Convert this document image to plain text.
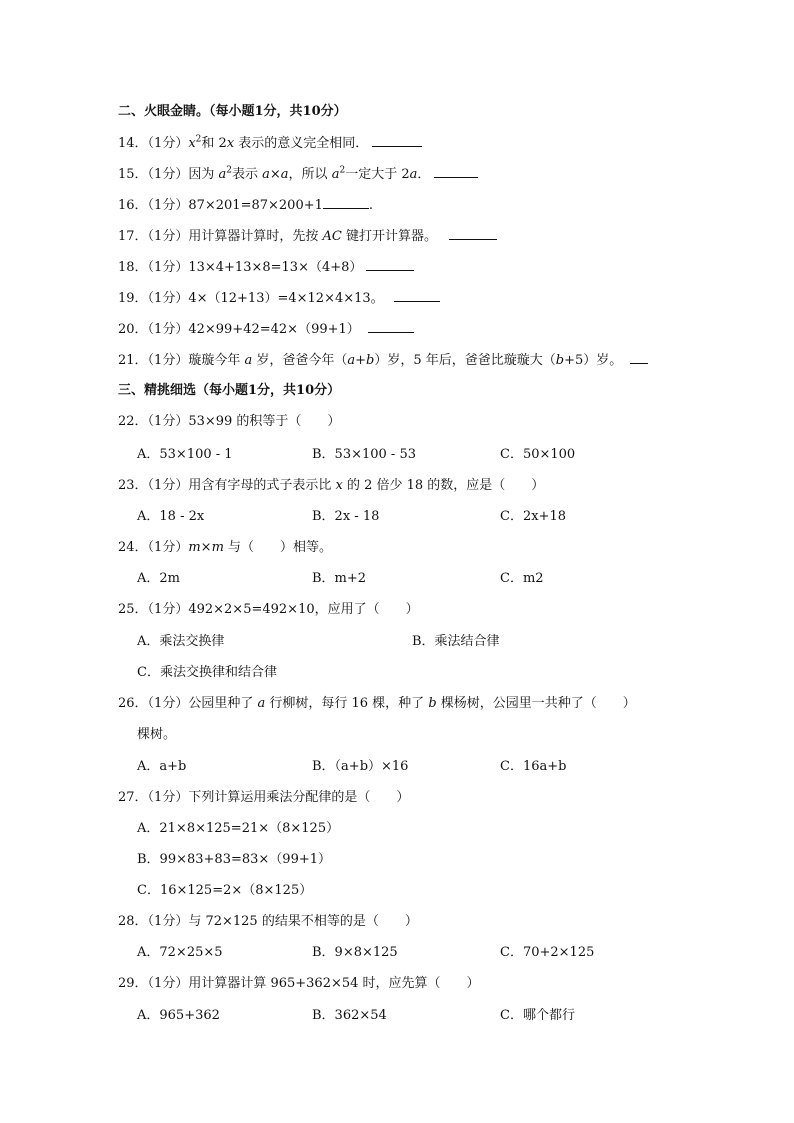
二、火眼金睛。（每小题1分，共10分）
14．（1分）$x^2$和 2x 表示的意义完全相同．
15．（1分）因为 $a^2$表示 a×a，所以 $a^2$一定大于 2a．
16．（1分）87×201=87×200+1	.
17．（1分）用计算器计算时，先按 AC 键打开计算器。
18．（1分）13×4+13×8=13×（4+8）
19．（1分）4×（12+13）=4×12×4×13。
20．（1分）42×99+42=42×（99+1）
21．（1分）璇璇今年 a 岁，爸爸今年（a+b）岁，5 年后，爸爸比璇璇大（b+5）岁。
三、精挑细选（每小题1分，共10分）
22．（1分）53×99 的积等于（　　）
A．53×100 - 1	B．53×100 - 53	C．50×100
23．（1分）用含有字母的式子表示比 x 的 2 倍少 18 的数，应是（　　）
A．18 - 2x	B．2x - 18	C．2x+18
24．（1分）m×m 与（　　）相等。
A．2m	B．m+2	C．m2
25．（1分）492×2×5=492×10，应用了（　　）
A．乘法交换律	B．乘法结合律
C．乘法交换律和结合律
26．（1分）公园里种了 a 行柳树，每行 16 棵，种了 b 棵杨树，公园里一共种了（　　）
棵树。
A．a+b	B．（a+b）×16	C．16a+b
27．（1分）下列计算运用乘法分配律的是（　　）
A．21×8×125=21×（8×125）
B．99×83+83=83×（99+1）
C．16×125=2×（8×125）
28．（1分）与 72×125 的结果不相等的是（　　）
A．72×25×5	B．9×8×125	C．70+2×125
29．（1分）用计算器计算 965+362×54 时，应先算（　　）
A．965+362	B．362×54	C．哪个都行
